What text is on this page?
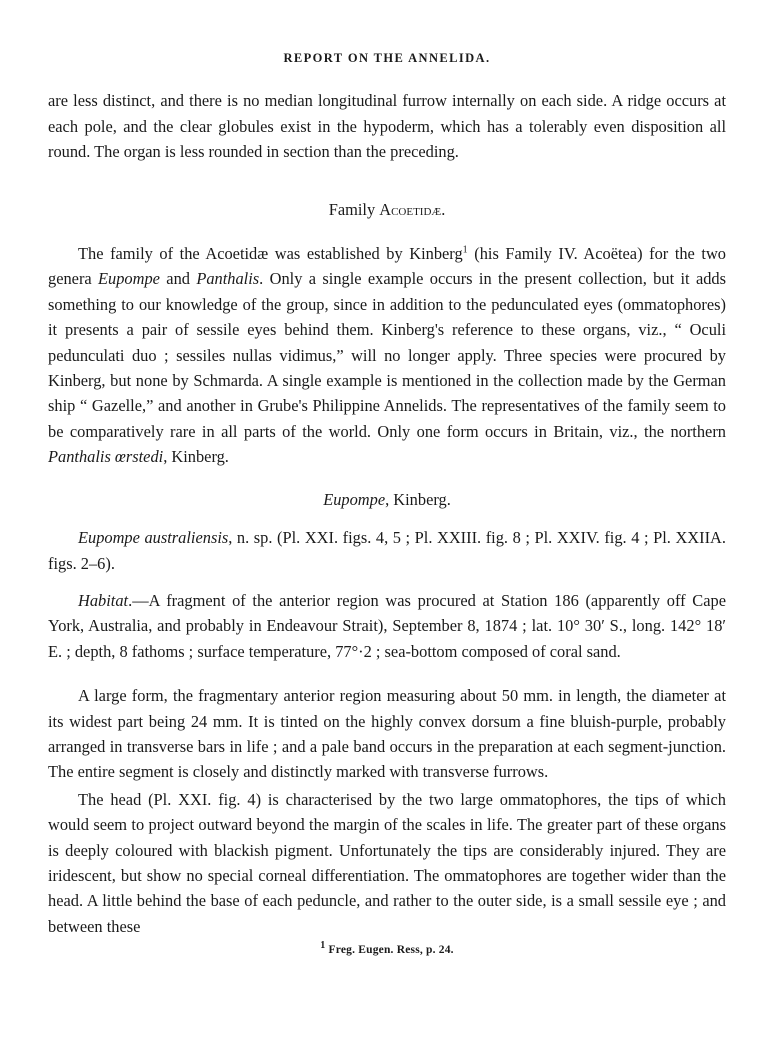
REPORT ON THE ANNELIDA.

are less distinct, and there is no median longitudinal furrow internally on each side. A ridge occurs at each pole, and the clear globules exist in the hypoderm, which has a tolerably even disposition all round. The organ is less rounded in section than the preceding.

Family Acoetidæ.

The family of the Acoetidæ was established by Kinberg$^1$ (his Family IV. Acoëtea) for the two genera Eupompe and Panthalis. Only a single example occurs in the present collection, but it adds something to our knowledge of the group, since in addition to the pedunculated eyes (ommatophores) it presents a pair of sessile eyes behind them. Kinberg's reference to these organs, viz., “ Oculi pedunculati duo ; sessiles nullas vidimus,” will no longer apply. Three species were procured by Kinberg, but none by Schmarda. A single example is mentioned in the collection made by the German ship “ Gazelle,” and another in Grube's Philippine Annelids. The representatives of the family seem to be comparatively rare in all parts of the world. Only one form occurs in Britain, viz., the northern Panthalis œrstedi, Kinberg.

Eupompe, Kinberg.

Eupompe australiensis, n. sp. (Pl. XXI. figs. 4, 5 ; Pl. XXIII. fig. 8 ; Pl. XXIV. fig. 4 ; Pl. XXIIA. figs. 2–6).

Habitat.—A fragment of the anterior region was procured at Station 186 (apparently off Cape York, Australia, and probably in Endeavour Strait), September 8, 1874 ; lat. 10° 30′ S., long. 142° 18′ E. ; depth, 8 fathoms ; surface temperature, 77°·2 ; sea-bottom composed of coral sand.

A large form, the fragmentary anterior region measuring about 50 mm. in length, the diameter at its widest part being 24 mm. It is tinted on the highly convex dorsum a fine bluish-purple, probably arranged in transverse bars in life ; and a pale band occurs in the preparation at each segment-junction. The entire segment is closely and distinctly marked with transverse furrows.

The head (Pl. XXI. fig. 4) is characterised by the two large ommatophores, the tips of which would seem to project outward beyond the margin of the scales in life. The greater part of these organs is deeply coloured with blackish pigment. Unfortunately the tips are considerably injured. They are iridescent, but show no special corneal differentiation. The ommatophores are together wider than the head. A little behind the base of each peduncle, and rather to the outer side, is a small sessile eye ; and between these

$^1$ Freg. Eugen. Ress, p. 24.
